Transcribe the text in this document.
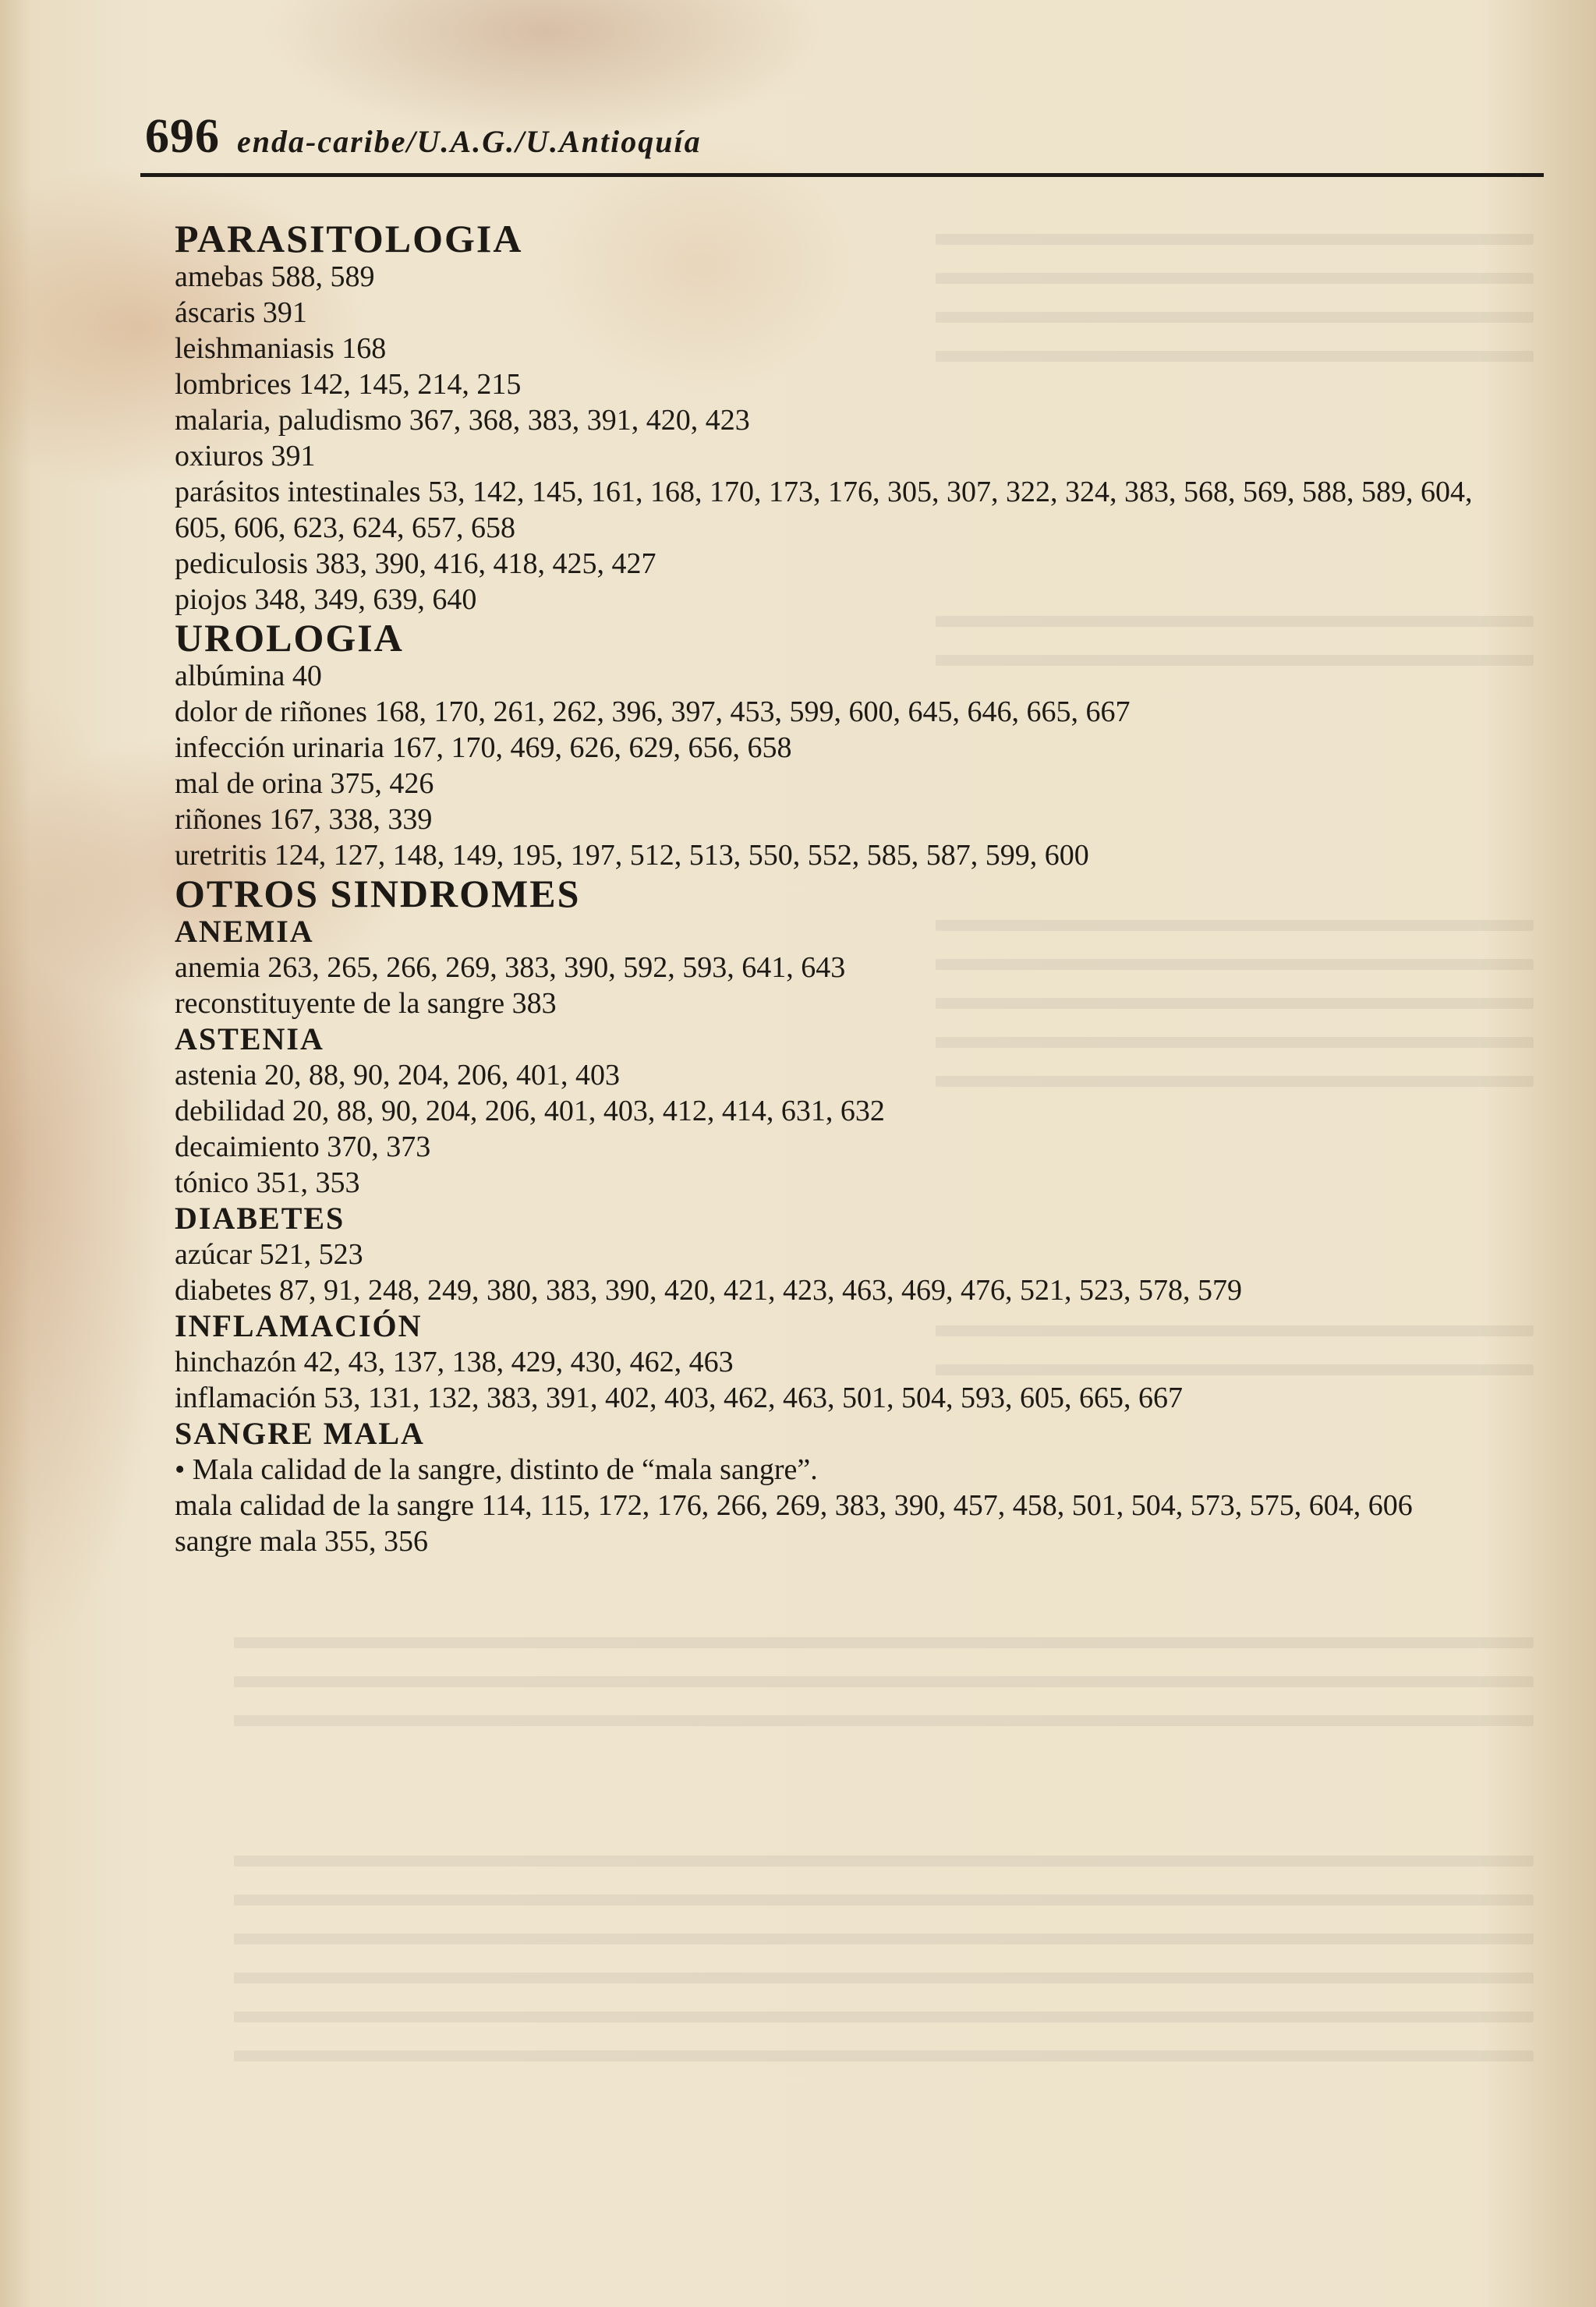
696 enda-caribe/U.A.G./U.Antioquía
PARASITOLOGIA
amebas 588, 589
áscaris 391
leishmaniasis 168
lombrices 142, 145, 214, 215
malaria, paludismo 367, 368, 383, 391, 420, 423
oxiuros 391
parásitos intestinales 53, 142, 145, 161, 168, 170, 173, 176, 305, 307, 322, 324, 383, 568, 569, 588, 589, 604, 605, 606, 623, 624, 657, 658
pediculosis 383, 390, 416, 418, 425, 427
piojos 348, 349, 639, 640
UROLOGIA
albúmina 40
dolor de riñones 168, 170, 261, 262, 396, 397, 453, 599, 600, 645, 646, 665, 667
infección urinaria 167, 170, 469, 626, 629, 656, 658
mal de orina 375, 426
riñones 167, 338, 339
uretritis 124, 127, 148, 149, 195, 197, 512, 513, 550, 552, 585, 587, 599, 600
OTROS SINDROMES
ANEMIA
anemia 263, 265, 266, 269, 383, 390, 592, 593, 641, 643
reconstituyente de la sangre 383
ASTENIA
astenia 20, 88, 90, 204, 206, 401, 403
debilidad 20, 88, 90, 204, 206, 401, 403, 412, 414, 631, 632
decaimiento 370, 373
tónico 351, 353
DIABETES
azúcar 521, 523
diabetes 87, 91, 248, 249, 380, 383, 390, 420, 421, 423, 463, 469, 476, 521, 523, 578, 579
INFLAMACIÓN
hinchazón 42, 43, 137, 138, 429, 430, 462, 463
inflamación 53, 131, 132, 383, 391, 402, 403, 462, 463, 501, 504, 593, 605, 665, 667
SANGRE MALA
• Mala calidad de la sangre, distinto de “mala sangre”.
mala calidad de la sangre 114, 115, 172, 176, 266, 269, 383, 390, 457, 458, 501, 504, 573, 575, 604, 606
sangre mala 355, 356
